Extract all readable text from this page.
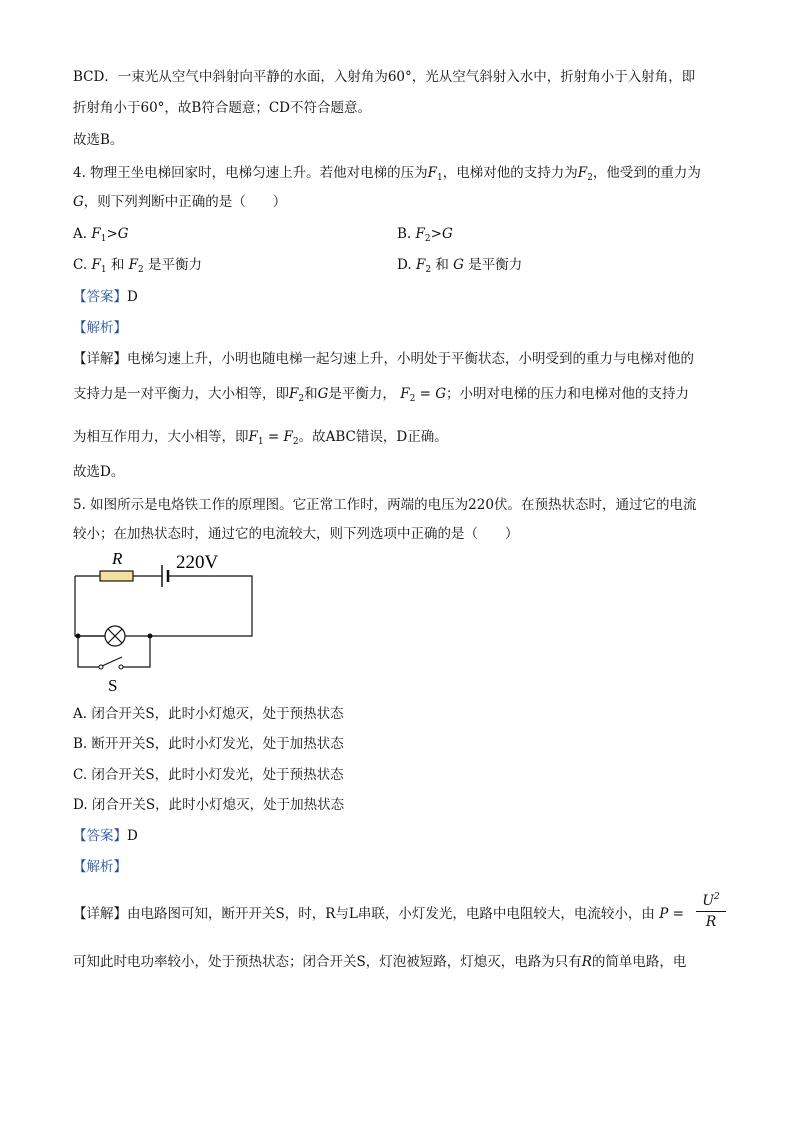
BCD．一束光从空气中斜射向平静的水面，入射角为60°，光从空气斜射入水中，折射角小于入射角，即
折射角小于60°，故B符合题意；CD不符合题意。
故选B。
4. 物理王坐电梯回家时，电梯匀速上升。若他对电梯的压为$F_1$，电梯对他的支持力为$F_2$，他受到的重力为
G，则下列判断中正确的是（　　）
A. $F_1>G$	B. $F_2>G$
C. $F_1$ 和 $F_2$ 是平衡力	D. $F_2$ 和 G 是平衡力
【答案】D
【解析】
【详解】电梯匀速上升，小明也随电梯一起匀速上升，小明处于平衡状态，小明受到的重力与电梯对他的
支持力是一对平衡力，大小相等，即$F_2$和G是平衡力， $F_2 = G$；小明对电梯的压力和电梯对他的支持力
为相互作用力，大小相等，即$F_1 = F_2$。故ABC错误，D正确。
故选D。
5. 如图所示是电烙铁工作的原理图。它正常工作时，两端的电压为220伏。在预热状态时，通过它的电流
较小；在加热状态时，通过它的电流较大，则下列选项中正确的是（　　）
R	220V
S
A. 闭合开关S，此时小灯熄灭，处于预热状态
B. 断开开关S，此时小灯发光，处于加热状态
C. 闭合开关S，此时小灯发光，处于预热状态
D. 闭合开关S，此时小灯熄灭，处于加热状态
【答案】D
【解析】
【详解】由电路图可知，断开开关S，时，R与L串联，小灯发光，电路中电阻较大，电流较小，由 P =
$U^2$
R
可知此时电功率较小，处于预热状态；闭合开关S，灯泡被短路，灯熄灭，电路为只有R的简单电路，电
